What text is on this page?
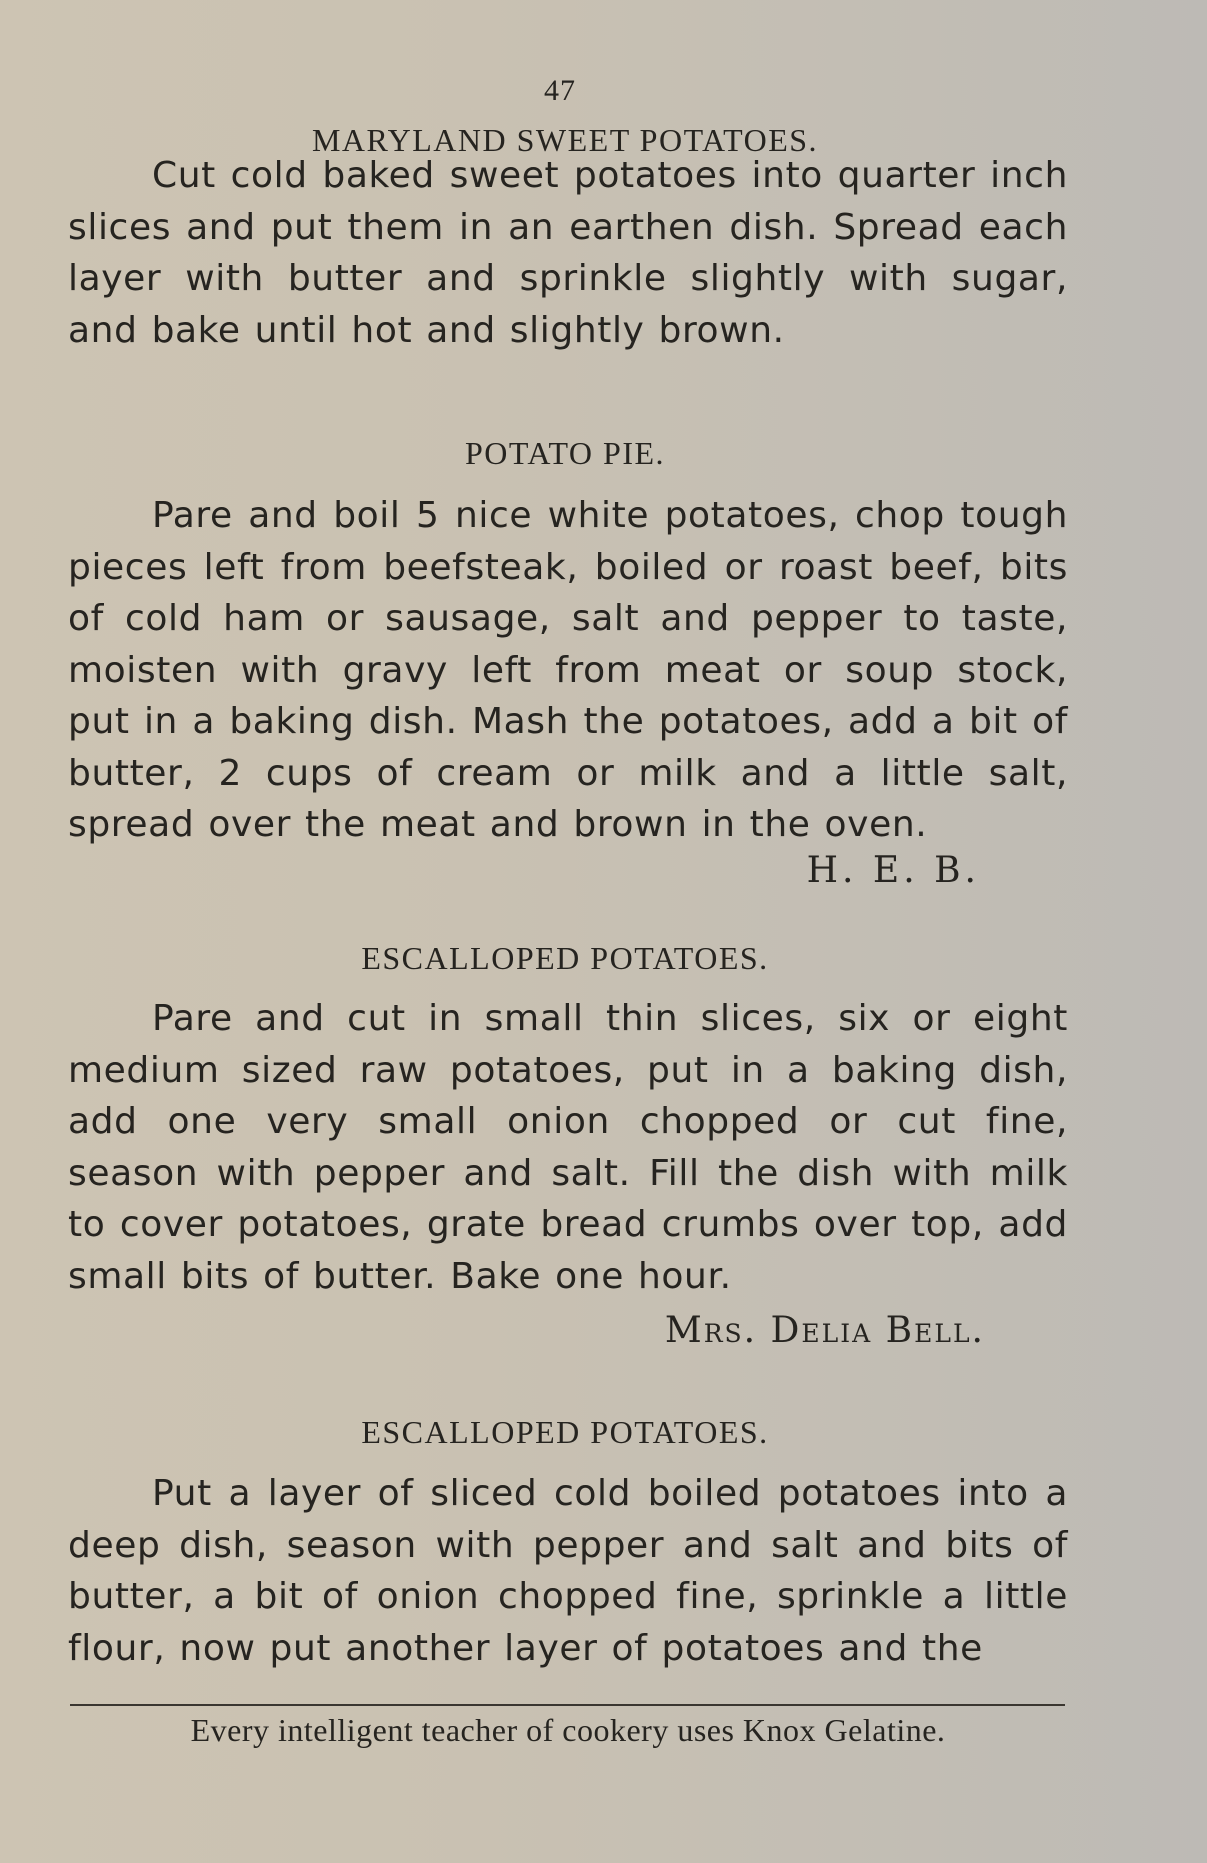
47
MARYLAND SWEET POTATOES.
Cut cold baked sweet potatoes into quarter inch slices and put them in an earthen dish. Spread each layer with butter and sprinkle slightly with sugar, and bake until hot and slightly brown.
POTATO PIE.
Pare and boil 5 nice white potatoes, chop tough pieces left from beefsteak, boiled or roast beef, bits of cold ham or sausage, salt and pepper to taste, moisten with gravy left from meat or soup stock, put in a baking dish. Mash the potatoes, add a bit of butter, 2 cups of cream or milk and a little salt, spread over the meat and brown in the oven.
H. E. B.
ESCALLOPED POTATOES.
Pare and cut in small thin slices, six or eight medium sized raw potatoes, put in a baking dish, add one very small onion chopped or cut fine, season with pepper and salt. Fill the dish with milk to cover potatoes, grate bread crumbs over top, add small bits of butter. Bake one hour.
Mrs. Delia Bell.
ESCALLOPED POTATOES.
Put a layer of sliced cold boiled potatoes into a deep dish, season with pepper and salt and bits of butter, a bit of onion chopped fine, sprinkle a little flour, now put another layer of potatoes and the
Every intelligent teacher of cookery uses Knox Gelatine.
